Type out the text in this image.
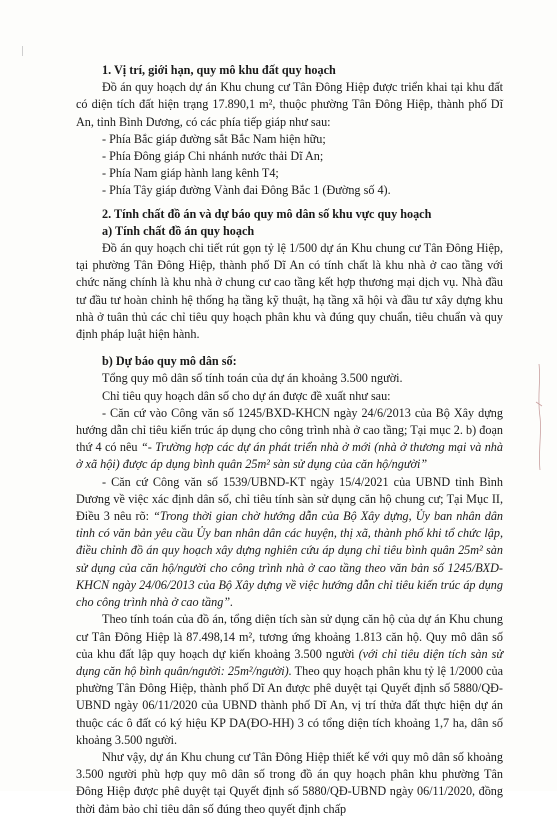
1. Vị trí, giới hạn, quy mô khu đất quy hoạch

Đồ án quy hoạch dự án Khu chung cư Tân Đông Hiệp được triển khai tại khu đất có diện tích đất hiện trạng 17.890,1 m², thuộc phường Tân Đông Hiệp, thành phố Dĩ An, tỉnh Bình Dương, có các phía tiếp giáp như sau:

- Phía Bắc giáp đường sắt Bắc Nam hiện hữu;

- Phía Đông giáp Chi nhánh nước thải Dĩ An;

- Phía Nam giáp hành lang kênh T4;

- Phía Tây giáp đường Vành đai Đông Bắc 1 (Đường số 4).

2. Tính chất đồ án và dự báo quy mô dân số khu vực quy hoạch

a) Tính chất đồ án quy hoạch

Đồ án quy hoạch chi tiết rút gọn tỷ lệ 1/500 dự án Khu chung cư Tân Đông Hiệp, tại phường Tân Đông Hiệp, thành phố Dĩ An có tính chất là khu nhà ở cao tầng với chức năng chính là khu nhà ở chung cư cao tầng kết hợp thương mại dịch vụ. Nhà đầu tư đầu tư hoàn chỉnh hệ thống hạ tầng kỹ thuật, hạ tầng xã hội và đầu tư xây dựng khu nhà ở tuân thủ các chỉ tiêu quy hoạch phân khu và đúng quy chuẩn, tiêu chuẩn và quy định pháp luật hiện hành.

b) Dự báo quy mô dân số:

Tổng quy mô dân số tính toán của dự án khoảng 3.500 người.

Chỉ tiêu quy hoạch dân số cho dự án được đề xuất như sau:

- Căn cứ vào Công văn số 1245/BXD-KHCN ngày 24/6/2013 của Bộ Xây dựng hướng dẫn chỉ tiêu kiến trúc áp dụng cho công trình nhà ở cao tầng; Tại mục 2. b) đoạn thứ 4 có nêu “- Trường hợp các dự án phát triển nhà ở mới (nhà ở thương mại và nhà ở xã hội) được áp dụng bình quân 25m² sàn sử dụng của căn hộ/người”

- Căn cứ Công văn số 1539/UBND-KT ngày 15/4/2021 của UBND tỉnh Bình Dương về việc xác định dân số, chỉ tiêu tính sàn sử dụng căn hộ chung cư; Tại Mục II, Điều 3 nêu rõ: “Trong thời gian chờ hướng dẫn của Bộ Xây dựng, Ủy ban nhân dân tỉnh có văn bản yêu cầu Ủy ban nhân dân các huyện, thị xã, thành phố khi tổ chức lập, điều chỉnh đồ án quy hoạch xây dựng nghiên cứu áp dụng chỉ tiêu bình quân 25m² sàn sử dụng của căn hộ/người cho công trình nhà ở cao tầng theo văn bản số 1245/BXD-KHCN ngày 24/06/2013 của Bộ Xây dựng về việc hướng dẫn chỉ tiêu kiến trúc áp dụng cho công trình nhà ở cao tầng”.

Theo tính toán của đồ án, tổng diện tích sàn sử dụng căn hộ của dự án Khu chung cư Tân Đông Hiệp là 87.498,14 m², tương ứng khoảng 1.813 căn hộ. Quy mô dân số của khu đất lập quy hoạch dự kiến khoảng 3.500 người (với chỉ tiêu diện tích sàn sử dụng căn hộ bình quân/người: 25m²/người). Theo quy hoạch phân khu tỷ lệ 1/2000 của phường Tân Đông Hiệp, thành phố Dĩ An được phê duyệt tại Quyết định số 5880/QĐ-UBND ngày 06/11/2020 của UBND thành phố Dĩ An, vị trí thửa đất thực hiện dự án thuộc các ô đất có ký hiệu KP DA(ĐO-HH) 3 có tổng diện tích khoảng 1,7 ha, dân số khoảng 3.500 người.

Như vậy, dự án Khu chung cư Tân Đông Hiệp thiết kế với quy mô dân số khoảng 3.500 người phù hợp quy mô dân số trong đồ án quy hoạch phân khu phường Tân Đông Hiệp được phê duyệt tại Quyết định số 5880/QĐ-UBND ngày 06/11/2020, đồng thời đảm bảo chỉ tiêu dân số đúng theo quyết định chấp
